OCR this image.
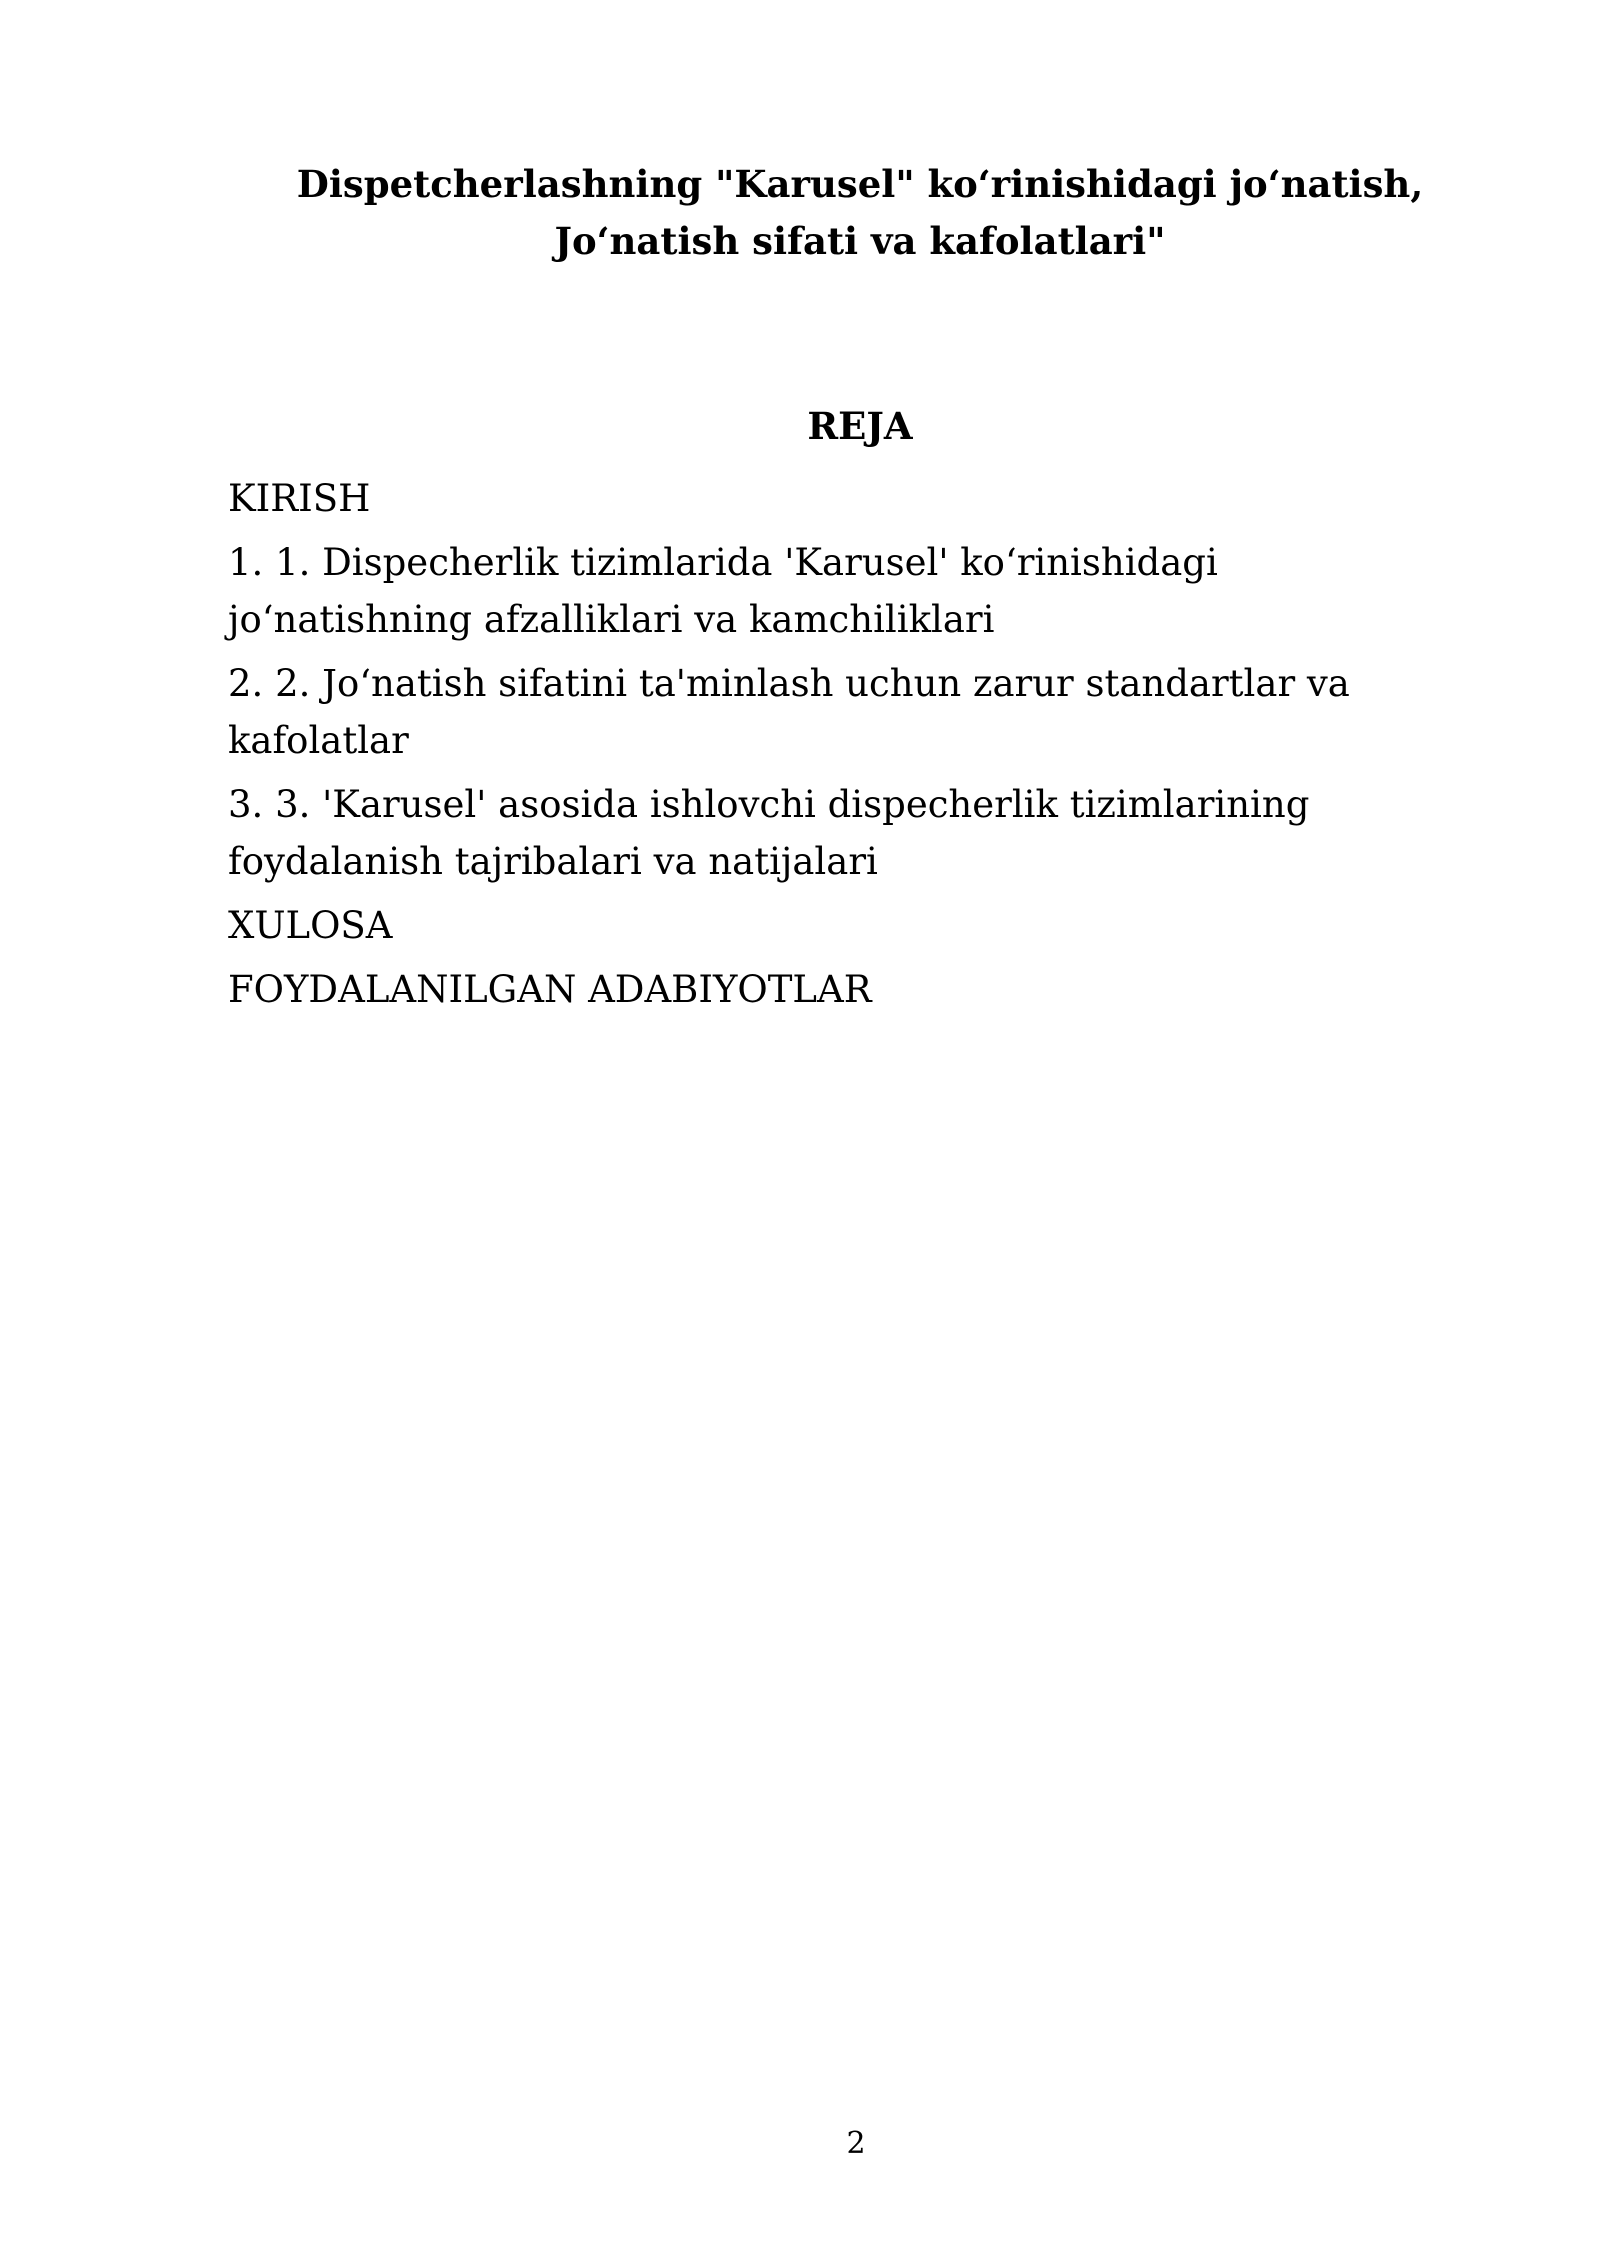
Dispetcherlashning "Karusel" ko‘rinishidagi jo‘natish,
Jo‘natish sifati va kafolatlari"
REJA
KIRISH
1. 1. Dispecherlik tizimlarida 'Karusel' ko‘rinishidagi jo‘natishning afzalliklari va kamchiliklari
2. 2. Jo‘natish sifatini ta'minlash uchun zarur standartlar va kafolatlar
3. 3. 'Karusel' asosida ishlovchi dispecherlik tizimlarining foydalanish tajribalari va natijalari
XULOSA
FOYDALANILGAN ADABIYOTLAR
2
